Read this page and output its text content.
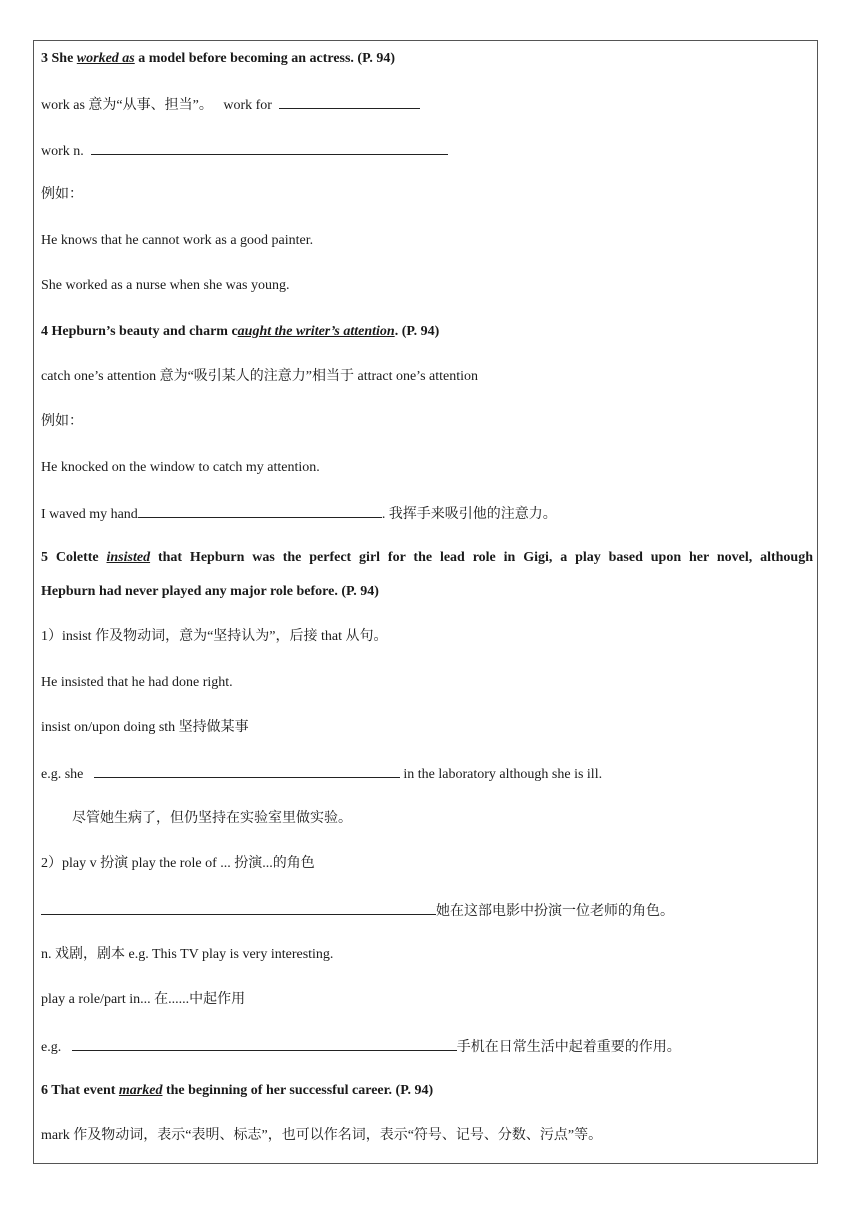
3 She worked as a model before becoming an actress. (P. 94)
work as 意为“从事、担当”。 work for
work n.
例如：
He knows that he cannot work as a good painter.
She worked as a nurse when she was young.
4 Hepburn’s beauty and charm caught the writer’s attention. (P. 94)
catch one’s attention 意为“吸引某人的注意力”相当于 attract one’s attention
例如：
He knocked on the window to catch my attention.
I waved my hand	. 我挥手来吸引他的注意力。
5 Colette insisted that Hepburn was the perfect girl for the lead role in Gigi, a play based upon her novel, although
Hepburn had never played any major role before. (P. 94)
1）insist 作及物动词，意为“坚持认为”，后接 that 从句。
He insisted that he had done right.
insist on/upon doing sth 坚持做某事
e.g. she	in the laboratory although she is ill.
尽管她生病了，但仍坚持在实验室里做实验。
2）play v 扮演 play the role of ... 扮演...的角色
她在这部电影中扮演一位老师的角色。
n. 戏剧，剧本 e.g. This TV play is very interesting.
play a role/part in... 在......中起作用
e.g.	手机在日常生活中起着重要的作用。
6 That event marked the beginning of her successful career. (P. 94)
mark 作及物动词，表示“表明、标志”，也可以作名词，表示“符号、记号、分数、污点”等。
